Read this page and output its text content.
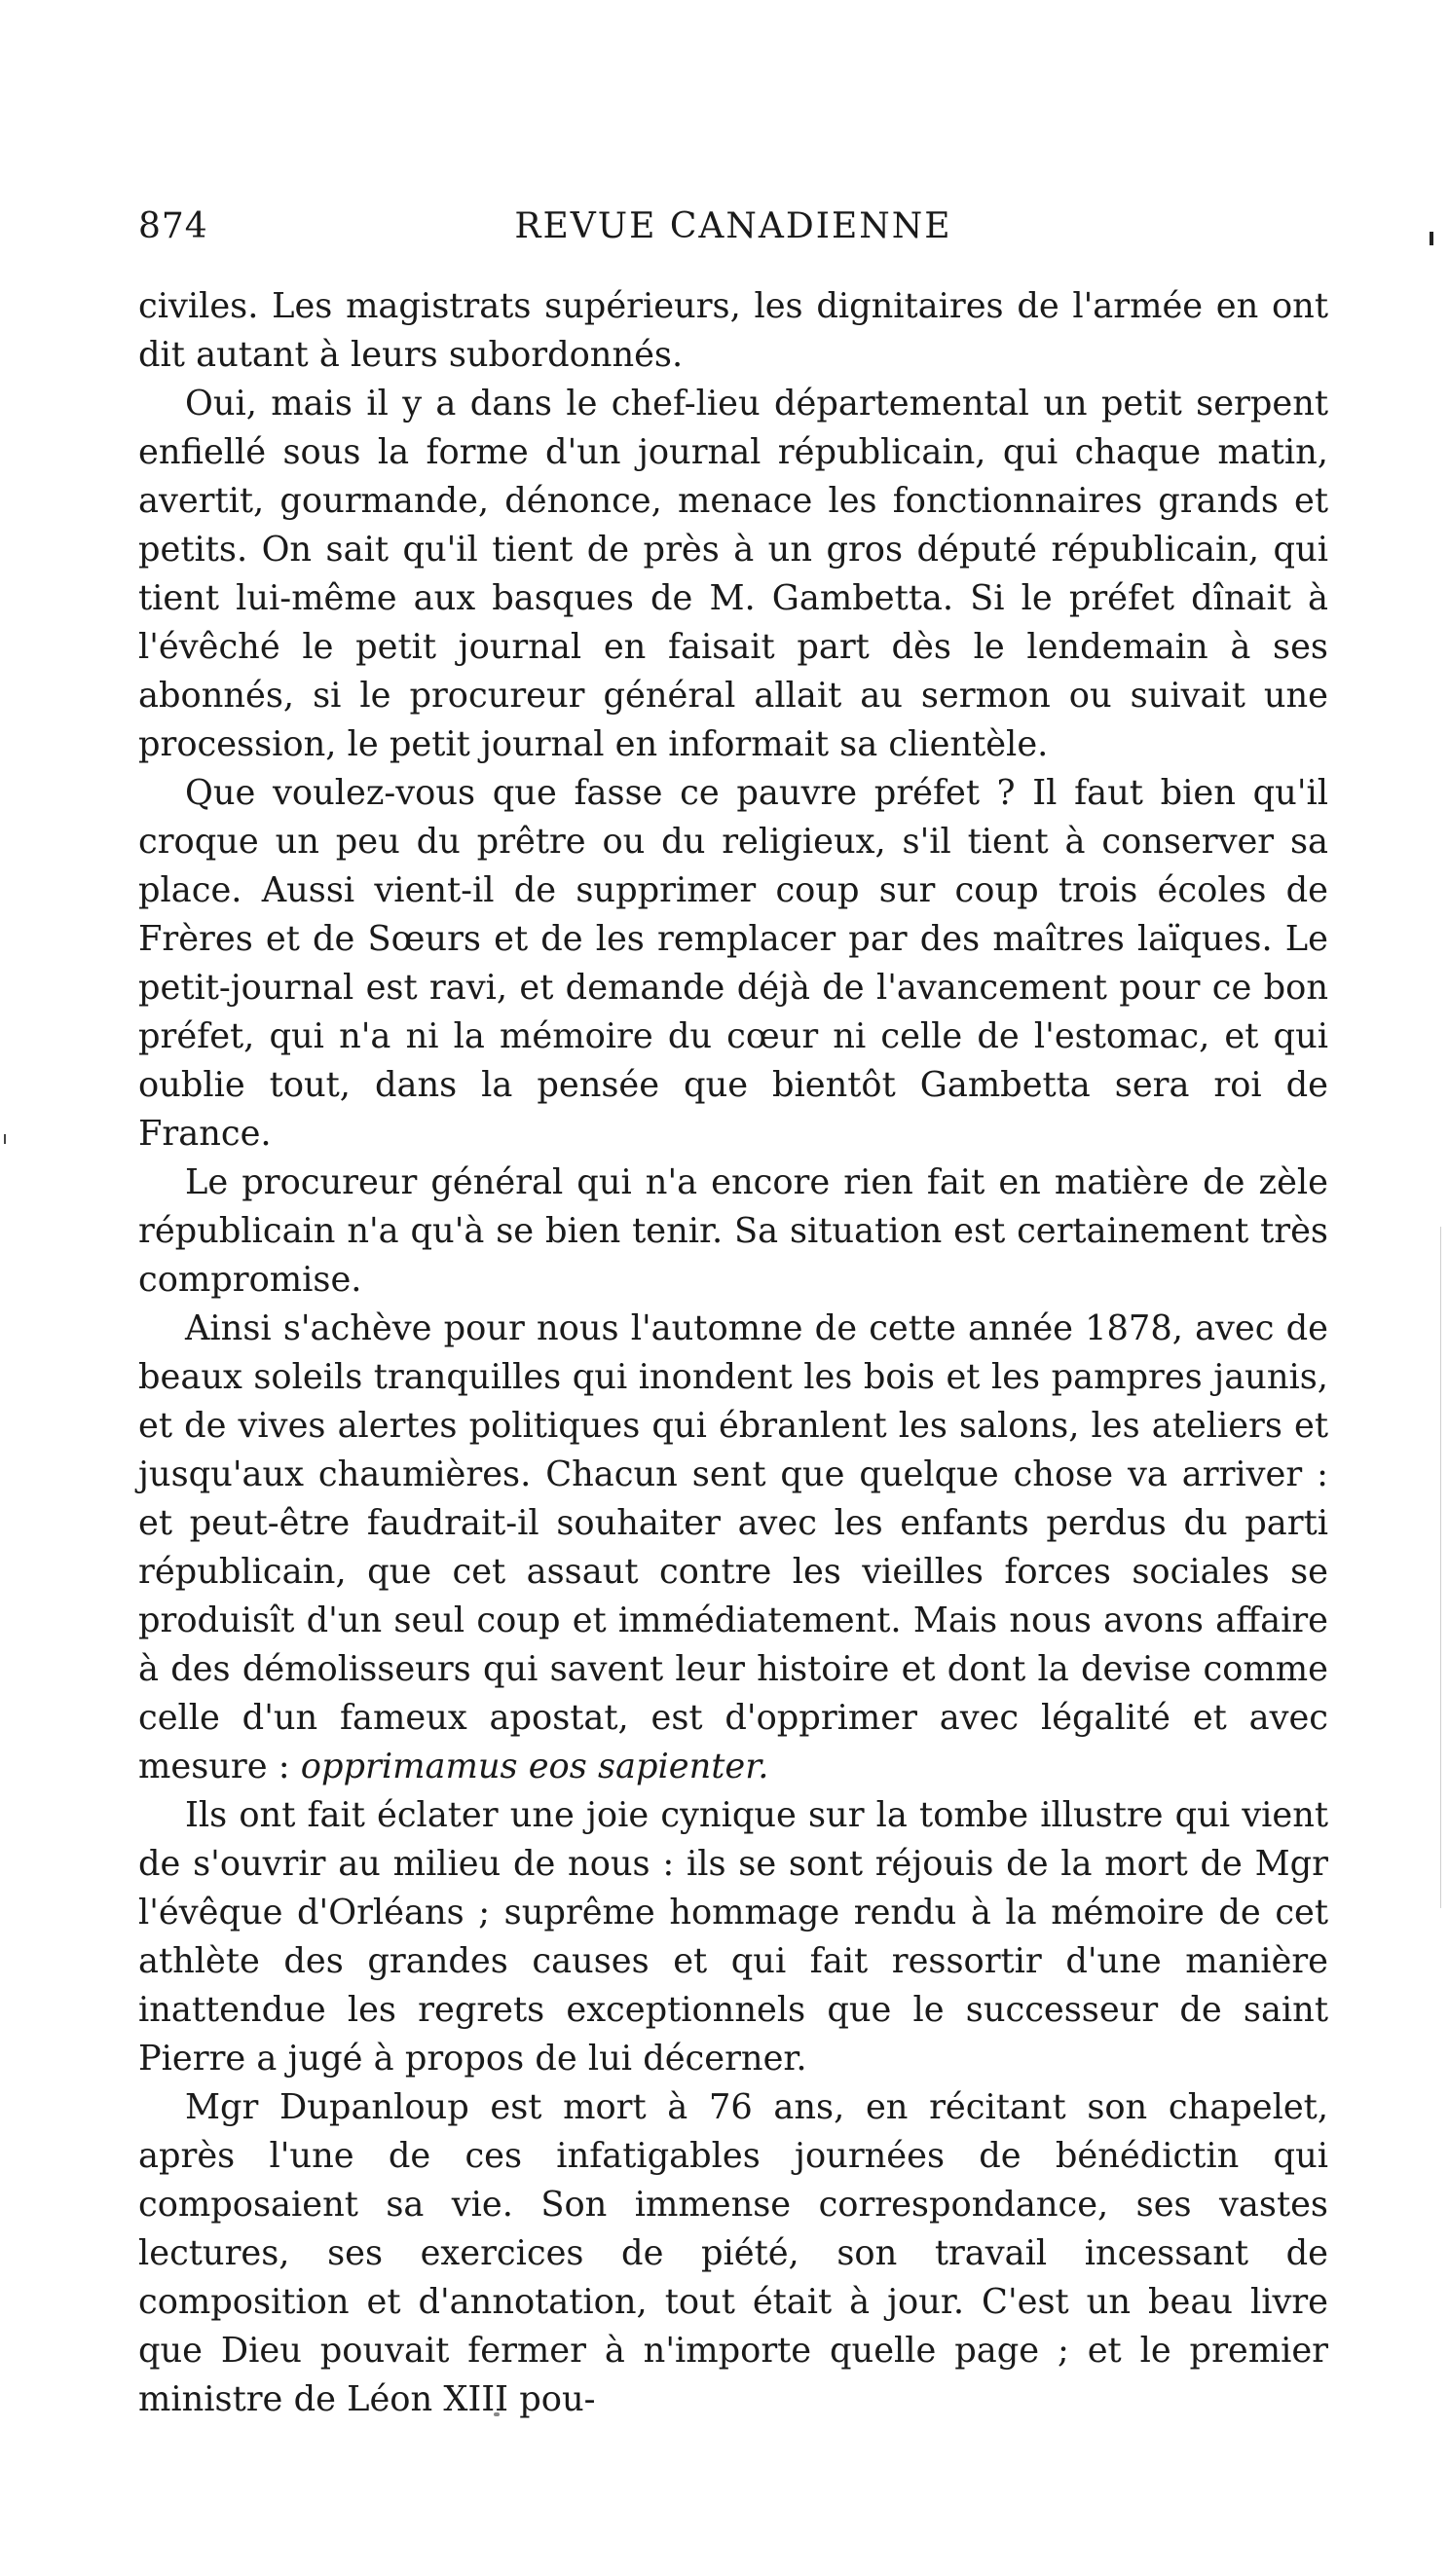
874	REVUE CANADIENNE

civiles. Les magistrats supérieurs, les dignitaires de l'armée en ont dit autant à leurs subordonnés.

Oui, mais il y a dans le chef-lieu départemental un petit serpent enfiellé sous la forme d'un journal républicain, qui chaque matin, avertit, gourmande, dénonce, menace les fonctionnaires grands et petits. On sait qu'il tient de près à un gros député républicain, qui tient lui-même aux basques de M. Gambetta. Si le préfet dînait à l'évêché le petit journal en faisait part dès le lendemain à ses abonnés, si le procureur général allait au sermon ou suivait une procession, le petit journal en informait sa clientèle.

Que voulez-vous que fasse ce pauvre préfet ? Il faut bien qu'il croque un peu du prêtre ou du religieux, s'il tient à conserver sa place. Aussi vient-il de supprimer coup sur coup trois écoles de Frères et de Sœurs et de les remplacer par des maîtres laïques. Le petit-journal est ravi, et demande déjà de l'avancement pour ce bon préfet, qui n'a ni la mémoire du cœur ni celle de l'estomac, et qui oublie tout, dans la pensée que bientôt Gambetta sera roi de France.

Le procureur général qui n'a encore rien fait en matière de zèle républicain n'a qu'à se bien tenir. Sa situation est certainement très compromise.

Ainsi s'achève pour nous l'automne de cette année 1878, avec de beaux soleils tranquilles qui inondent les bois et les pampres jaunis, et de vives alertes politiques qui ébranlent les salons, les ateliers et jusqu'aux chaumières. Chacun sent que quelque chose va arriver : et peut-être faudrait-il souhaiter avec les enfants perdus du parti républicain, que cet assaut contre les vieilles forces sociales se produisît d'un seul coup et immédiatement. Mais nous avons affaire à des démolisseurs qui savent leur histoire et dont la devise comme celle d'un fameux apostat, est d'opprimer avec légalité et avec mesure : opprimamus eos sapienter.

Ils ont fait éclater une joie cynique sur la tombe illustre qui vient de s'ouvrir au milieu de nous : ils se sont réjouis de la mort de Mgr l'évêque d'Orléans ; suprême hommage rendu à la mémoire de cet athlète des grandes causes et qui fait ressortir d'une manière inattendue les regrets exceptionnels que le successeur de saint Pierre a jugé à propos de lui décerner.

Mgr Dupanloup est mort à 76 ans, en récitant son chapelet, après l'une de ces infatigables journées de bénédictin qui composaient sa vie. Son immense correspondance, ses vastes lectures, ses exercices de piété, son travail incessant de composition et d'annotation, tout était à jour. C'est un beau livre que Dieu pouvait fermer à n'importe quelle page ; et le premier ministre de Léon XIII pou-
